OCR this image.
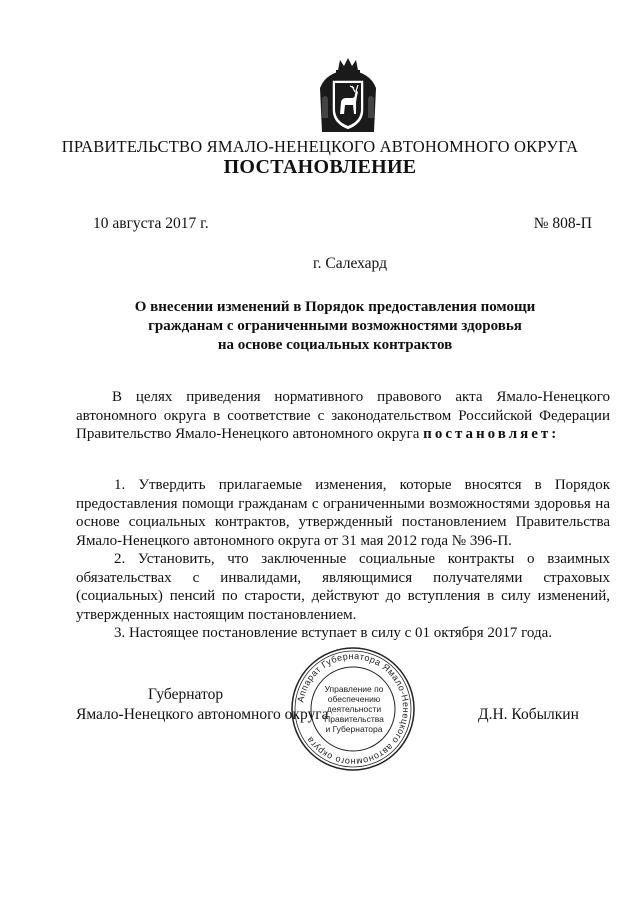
ПРАВИТЕЛЬСТВО ЯМАЛО-НЕНЕЦКОГО АВТОНОМНОГО ОКРУГА
ПОСТАНОВЛЕНИЕ
10 августа 2017 г.	№ 808-П
г. Салехард
О внесении изменений в Порядок предоставления помощи
гражданам с ограниченными возможностями здоровья
на основе социальных контрактов
В целях приведения нормативного правового акта Ямало-Ненецкого автономного округа в соответствие с законодательством Российской Федерации Правительство Ямало-Ненецкого автономного округа постановляет:

1. Утвердить прилагаемые изменения, которые вносятся в Порядок предоставления помощи гражданам с ограниченными возможностями здоровья на основе социальных контрактов, утвержденный постановлением Правительства Ямало-Ненецкого автономного округа от 31 мая 2012 года № 396-П.

2. Установить, что заключенные социальные контракты о взаимных обязательствах с инвалидами, являющимися получателями страховых (социальных) пенсий по старости, действуют до вступления в силу изменений, утвержденных настоящим постановлением.

3. Настоящее постановление вступает в силу с 01 октября 2017 года.

Аппарат Губернатора Ямало-Ненецкого автономного округа
Управление по
обеспечению
деятельности
Правительства
и Губернатора
Губернатор
Ямало-Ненецкого автономного округа	Д.Н. Кобылкин
